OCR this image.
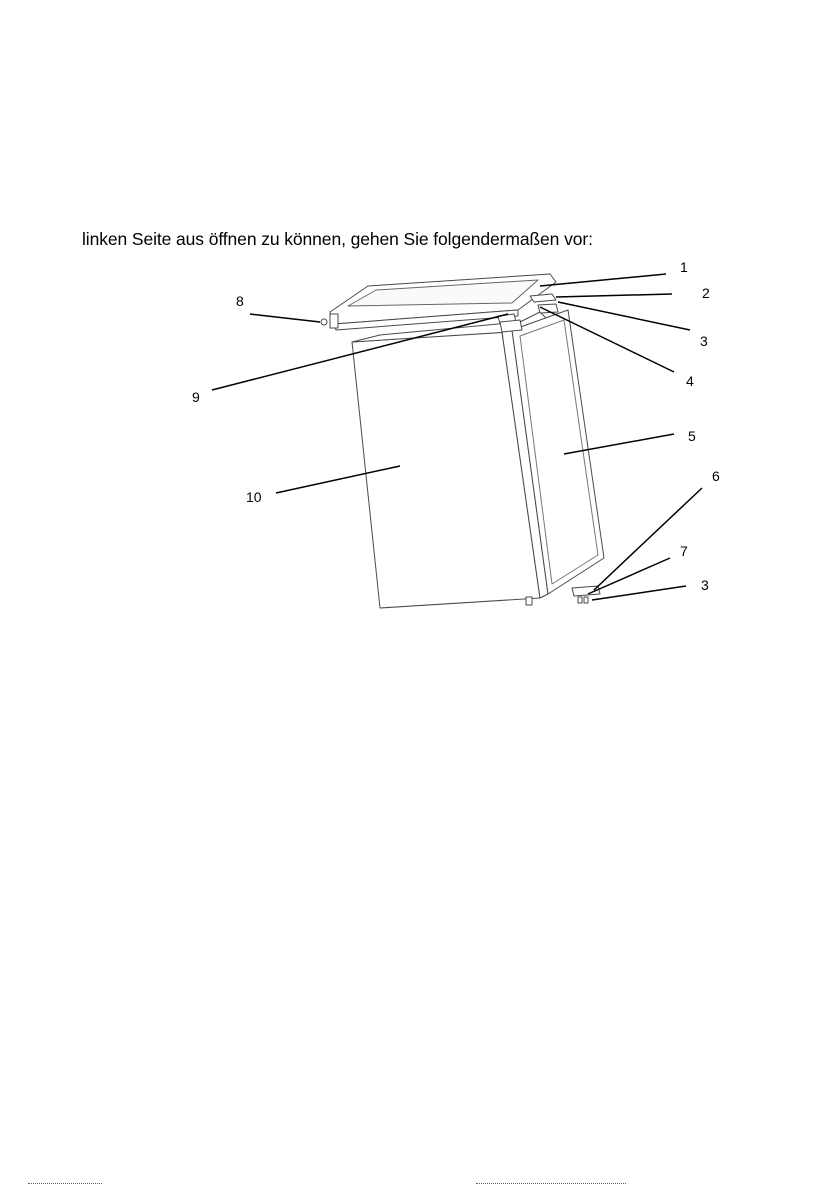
linken Seite aus öffnen zu können, gehen Sie folgendermaßen vor:
1
2
3
4
5
6
7
3
8
9
10
